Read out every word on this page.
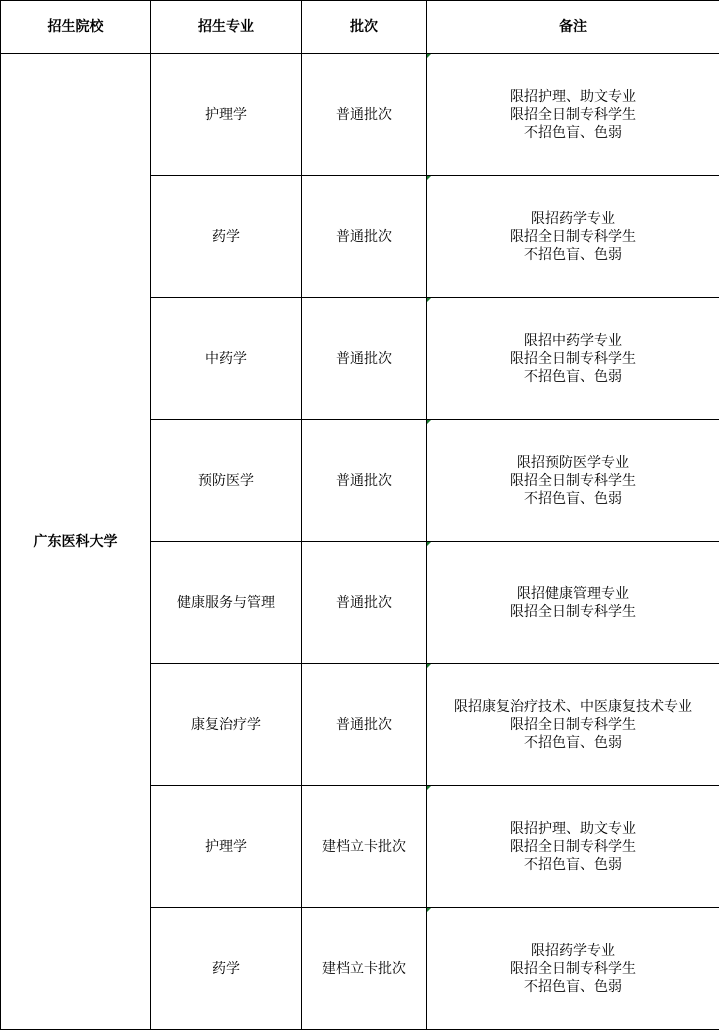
招生院校	招生专业	批次	备注
广东医科大学	护理学	普通批次	限招护理、助文专业
限招全日制专科学生
不招色盲、色弱

	药学	普通批次	限招药学专业
限招全日制专科学生
不招色盲、色弱

	中药学	普通批次	限招中药学专业
限招全日制专科学生
不招色盲、色弱

	预防医学	普通批次	限招预防医学专业
限招全日制专科学生
不招色盲、色弱

	健康服务与管理	普通批次	限招健康管理专业
限招全日制专科学生

	康复治疗学	普通批次	限招康复治疗技术、中医康复技术专业
限招全日制专科学生
不招色盲、色弱

	护理学	建档立卡批次	限招护理、助文专业
限招全日制专科学生
不招色盲、色弱

	药学	建档立卡批次	限招药学专业
限招全日制专科学生
不招色盲、色弱
